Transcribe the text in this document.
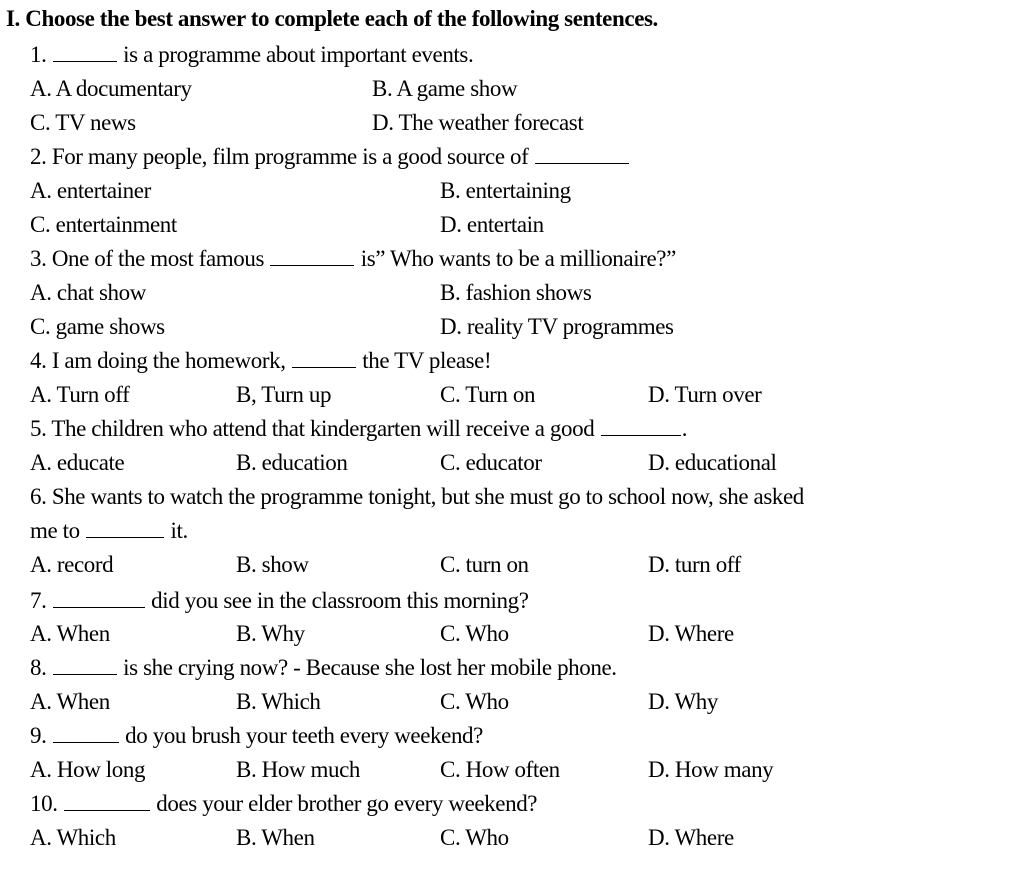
I. Choose the best answer to complete each of the following sentences.
1.	is a programme about important events.
A. A documentary	B. A game show
C. TV news	D. The weather forecast
2. For many people, film programme is a good source of
A. entertainer	B. entertaining
C. entertainment	D. entertain
3. One of the most famous	is” Who wants to be a millionaire?”
A. chat show	B. fashion shows
C. game shows	D. reality TV programmes
4. I am doing the homework,	the TV please!
A. Turn off	B, Turn up	C. Turn on	D. Turn over
5. The children who attend that kindergarten will receive a good	.
A. educate	B. education	C. educator	D. educational
6. She wants to watch the programme tonight, but she must go to school now, she asked
me to	it.
A. record	B. show	C. turn on	D. turn off
7.	did you see in the classroom this morning?
A. When	B. Why	C. Who	D. Where
8.	is she crying now? - Because she lost her mobile phone.
A. When	B. Which	C. Who	D. Why
9.	do you brush your teeth every weekend?
A. How long	B. How much	C. How often	D. How many
10.	does your elder brother go every weekend?
A. Which	B. When	C. Who	D. Where
